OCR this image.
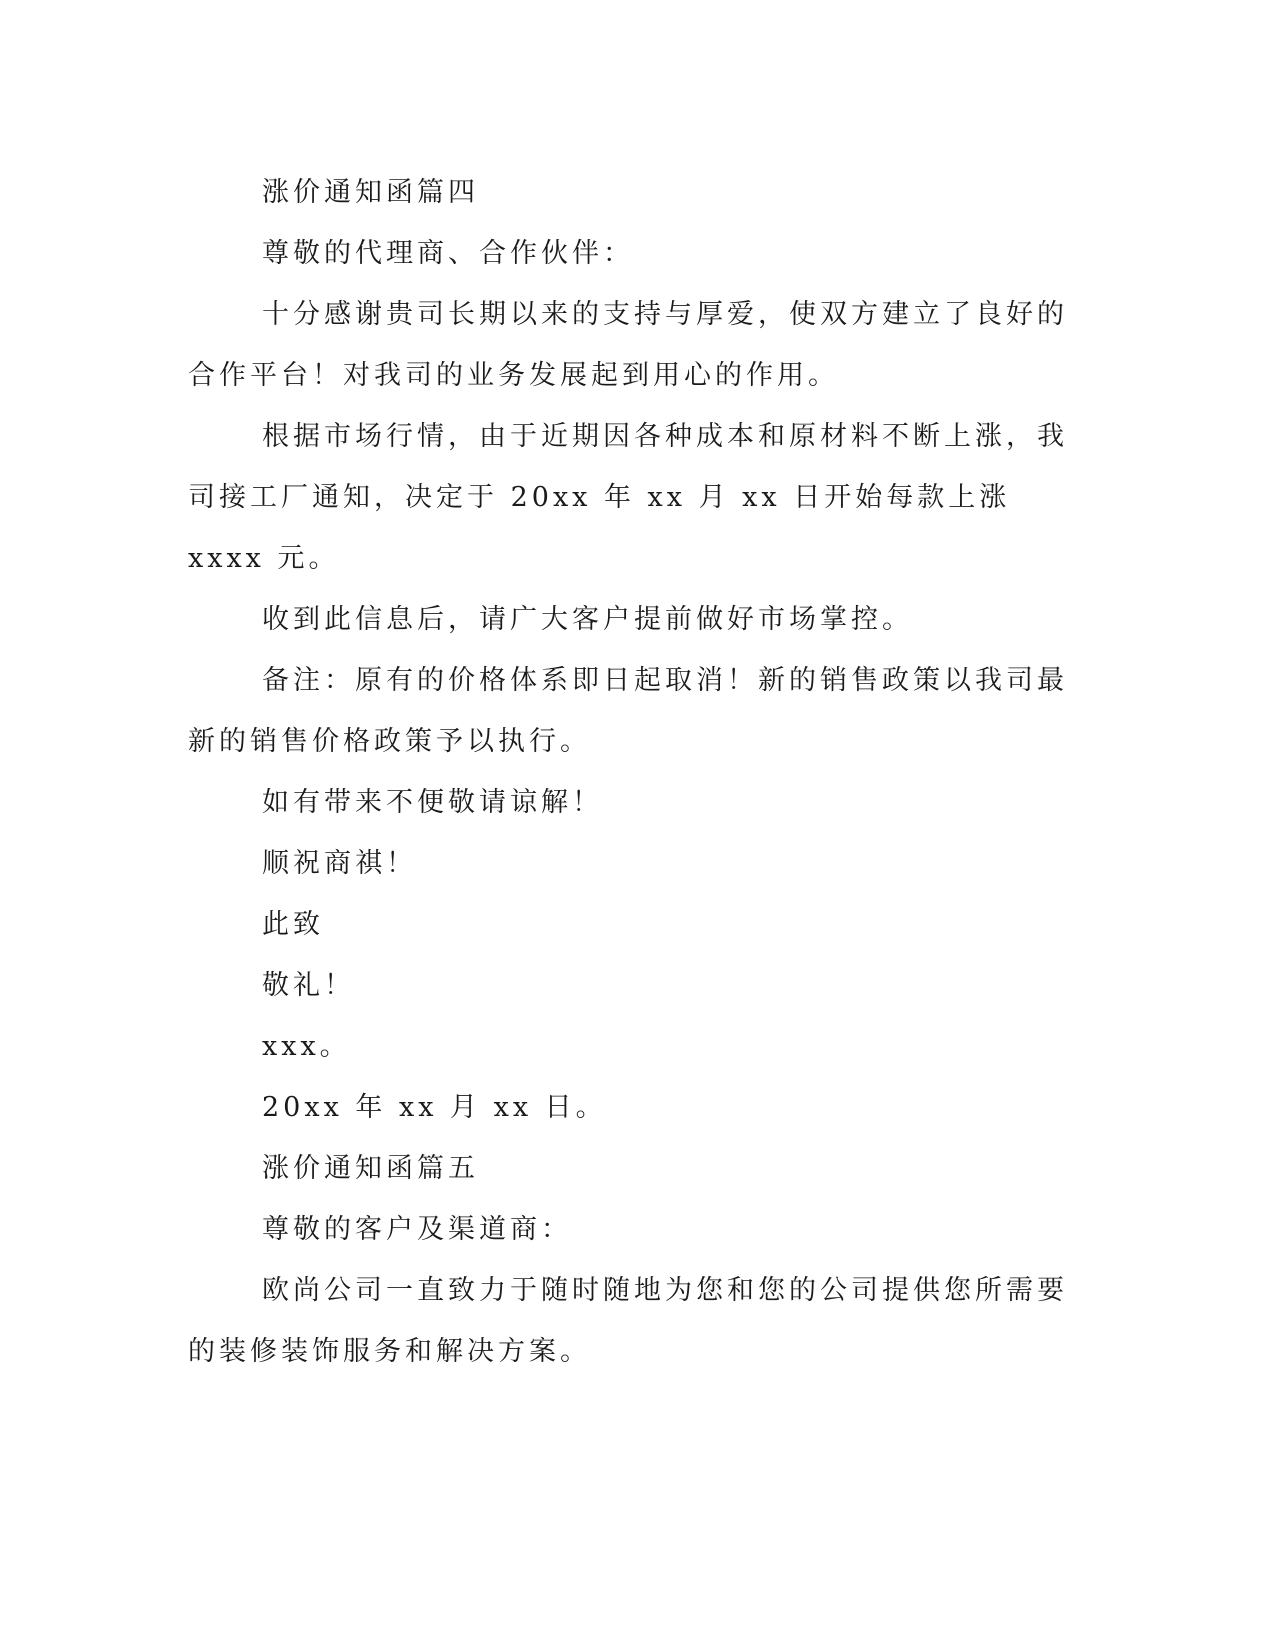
涨价通知函篇四

尊敬的代理商、合作伙伴：

十分感谢贵司长期以来的支持与厚爱，使双方建立了良好的合作平台！对我司的业务发展起到用心的作用。

根据市场行情，由于近期因各种成本和原材料不断上涨，我司接工厂通知，决定于 20xx 年 xx 月 xx 日开始每款上涨 xxxx 元。

收到此信息后，请广大客户提前做好市场掌控。

备注：原有的价格体系即日起取消！新的销售政策以我司最新的销售价格政策予以执行。

如有带来不便敬请谅解！

顺祝商祺！

此致

敬礼！

xxx。

20xx 年 xx 月 xx 日。

涨价通知函篇五

尊敬的客户及渠道商：

欧尚公司一直致力于随时随地为您和您的公司提供您所需要的装修装饰服务和解决方案。
